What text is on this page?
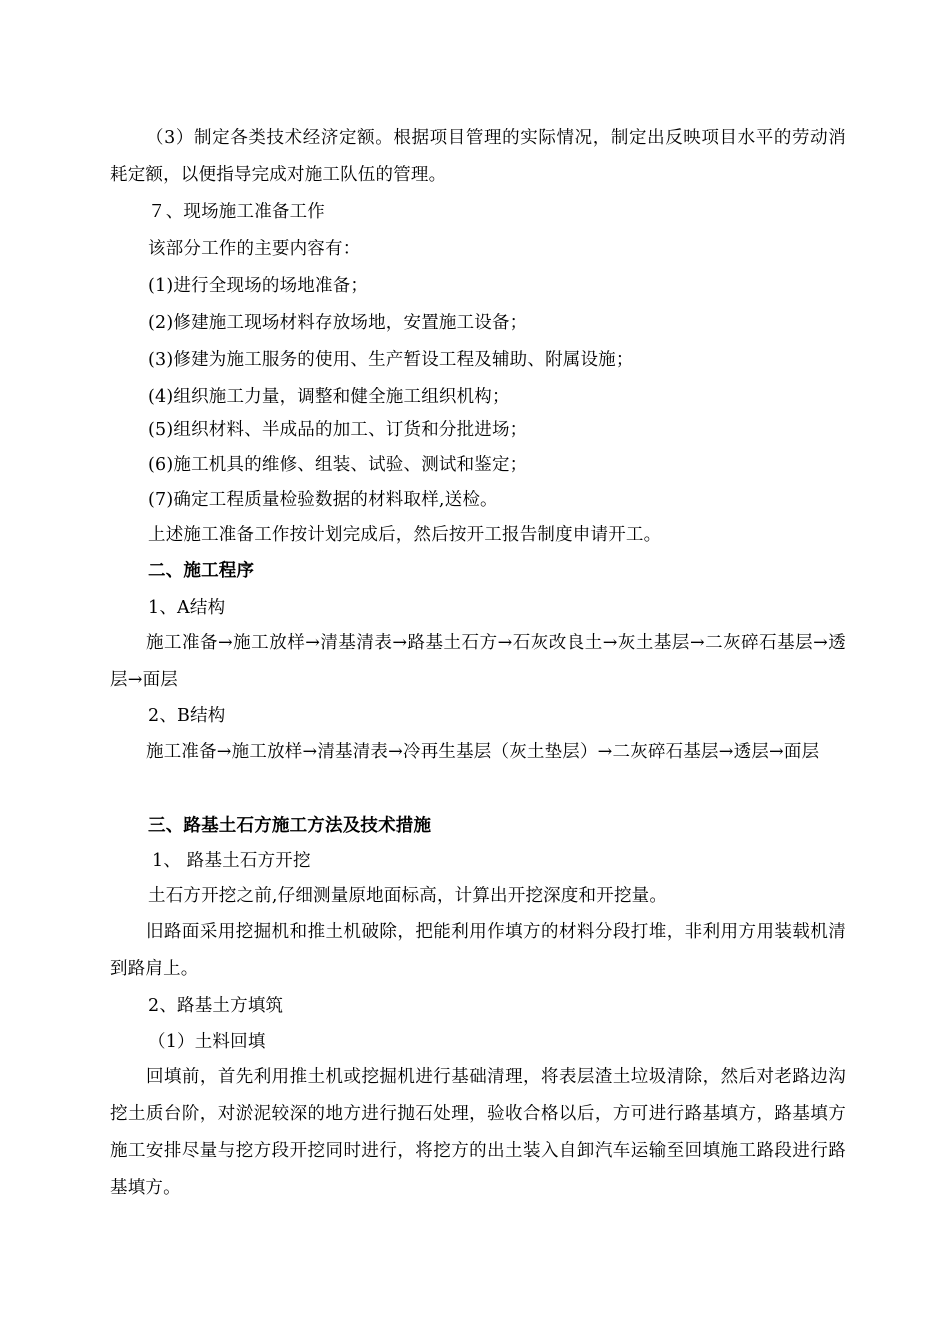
（3）制定各类技术经济定额。根据项目管理的实际情况，制定出反映项目水平的劳动消耗定额，以便指导完成对施工队伍的管理。
７、现场施工准备工作
该部分工作的主要内容有：
(1)进行全现场的场地准备；
(2)修建施工现场材料存放场地，安置施工设备；
(3)修建为施工服务的使用、生产暂设工程及辅助、附属设施；
(4)组织施工力量，调整和健全施工组织机构；
(5)组织材料、半成品的加工、订货和分批进场；
(6)施工机具的维修、组装、试验、测试和鉴定；
(7)确定工程质量检验数据的材料取样,送检。
上述施工准备工作按计划完成后，然后按开工报告制度申请开工。
二、施工程序
1、A结构
施工准备→施工放样→清基清表→路基土石方→石灰改良土→灰土基层→二灰碎石基层→透层→面层
2、B结构
施工准备→施工放样→清基清表→冷再生基层（灰土垫层）→二灰碎石基层→透层→面层
三、路基土石方施工方法及技术措施
1、 路基土石方开挖
土石方开挖之前,仔细测量原地面标高，计算出开挖深度和开挖量。
旧路面采用挖掘机和推土机破除，把能利用作填方的材料分段打堆，非利用方用装载机清到路肩上。
2、路基土方填筑
（1）土料回填
回填前，首先利用推土机或挖掘机进行基础清理，将表层渣土垃圾清除，然后对老路边沟挖土质台阶，对淤泥较深的地方进行抛石处理，验收合格以后，方可进行路基填方，路基填方施工安排尽量与挖方段开挖同时进行，将挖方的出土装入自卸汽车运输至回填施工路段进行路基填方。
